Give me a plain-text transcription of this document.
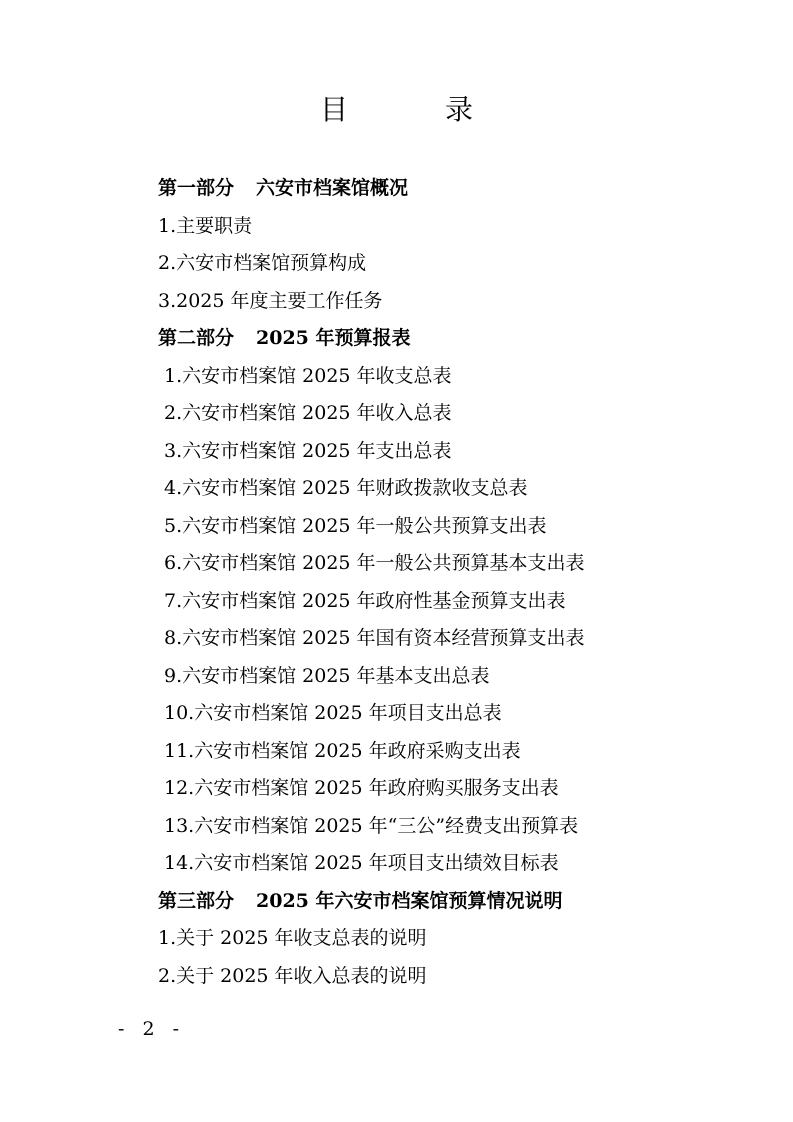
目 录
第一部分 六安市档案馆概况
1.主要职责
2.六安市档案馆预算构成
3.2025 年度主要工作任务
第二部分 2025 年预算报表
1.六安市档案馆 2025 年收支总表
2.六安市档案馆 2025 年收入总表
3.六安市档案馆 2025 年支出总表
4.六安市档案馆 2025 年财政拨款收支总表
5.六安市档案馆 2025 年一般公共预算支出表
6.六安市档案馆 2025 年一般公共预算基本支出表
7.六安市档案馆 2025 年政府性基金预算支出表
8.六安市档案馆 2025 年国有资本经营预算支出表
9.六安市档案馆 2025 年基本支出总表
10.六安市档案馆 2025 年项目支出总表
11.六安市档案馆 2025 年政府采购支出表
12.六安市档案馆 2025 年政府购买服务支出表
13.六安市档案馆 2025 年“三公”经费支出预算表
14.六安市档案馆 2025 年项目支出绩效目标表
第三部分 2025 年六安市档案馆预算情况说明
1.关于 2025 年收支总表的说明
2.关于 2025 年收入总表的说明
- 2 -
